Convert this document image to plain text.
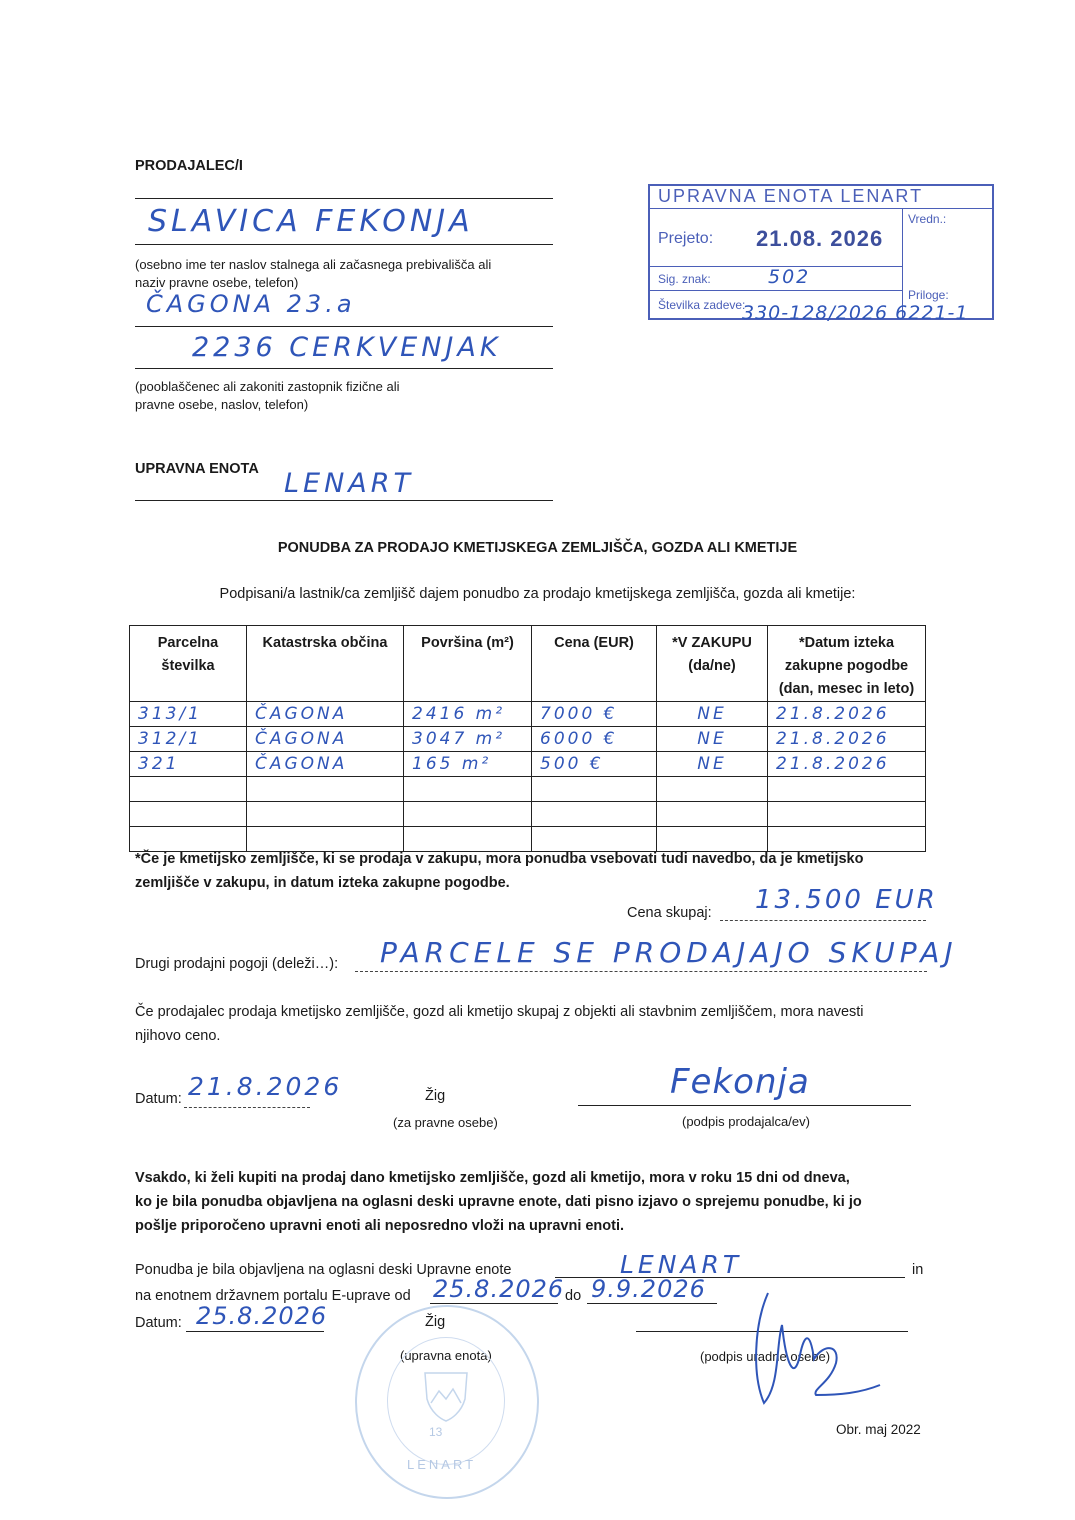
PRODAJALEC/I
SLAVICA FEKONJA
(osebno ime ter naslov stalnega ali začasnega prebivališča ali
naziv pravne osebe, telefon)
ČAGONA 23.a
2236 CERKVENJAK
(pooblaščenec ali zakoniti zastopnik fizične ali
pravne osebe, naslov, telefon)
UPRAVNA ENOTA LENART
Prejeto: 21.08. 2026
Vredn.:
Sig. znak:	502
Priloge:
Številka zadeve:
330-128/2026 6221-1
UPRAVNA ENOTA LENART
PONUDBA ZA PRODAJO KMETIJSKEGA ZEMLJIŠČA, GOZDA ALI KMETIJE
Podpisani/a lastnik/ca zemljišč dajem ponudbo za prodajo kmetijskega zemljišča, gozda ali kmetije:
Parcelna številka	Katastrska občina	Površina (m²)	Cena (EUR)	*V ZAKUPU (da/ne)	*Datum izteka zakupne pogodbe (dan, mesec in leto)
313/1	ČAGONA	2416 m²	7000 €	NE	21.8.2026
312/1	ČAGONA	3047 m²	6000 €	NE	21.8.2026
321	ČAGONA	165 m²	500 €	NE	21.8.2026

*Če je kmetijsko zemljišče, ki se prodaja v zakupu, mora ponudba vsebovati tudi navedbo, da je kmetijsko
zemljišče v zakupu, in datum izteka zakupne pogodbe.
Cena skupaj: 13.500 EUR
Drugi prodajni pogoji (deleži…): PARCELE SE PRODAJAJO SKUPAJ
Če prodajalec prodaja kmetijsko zemljišče, gozd ali kmetijo skupaj z objekti ali stavbnim zemljiščem, mora navesti
njihovo ceno.
Datum: 21.8.2026	Žig
(za pravne osebe)
Fekonja
(podpis prodajalca/ev)
Vsakdo, ki želi kupiti na prodaj dano kmetijsko zemljišče, gozd ali kmetijo, mora v roku 15 dni od dneva,
ko je bila ponudba objavljena na oglasni deski upravne enote, dati pisno izjavo o sprejemu ponudbe, ki jo
pošlje priporočeno upravni enoti ali neposredno vloži na upravni enoti.
Ponudba je bila objavljena na oglasni deski Upravne enote	LENART	in
na enotnem državnem portalu E-uprave od 25.8.2026 do 9.9.2026
Datum: 25.8.2026	Žig
(upravna enota)	(podpis uradne osebe)
13
LENART
Obr. maj 2022
